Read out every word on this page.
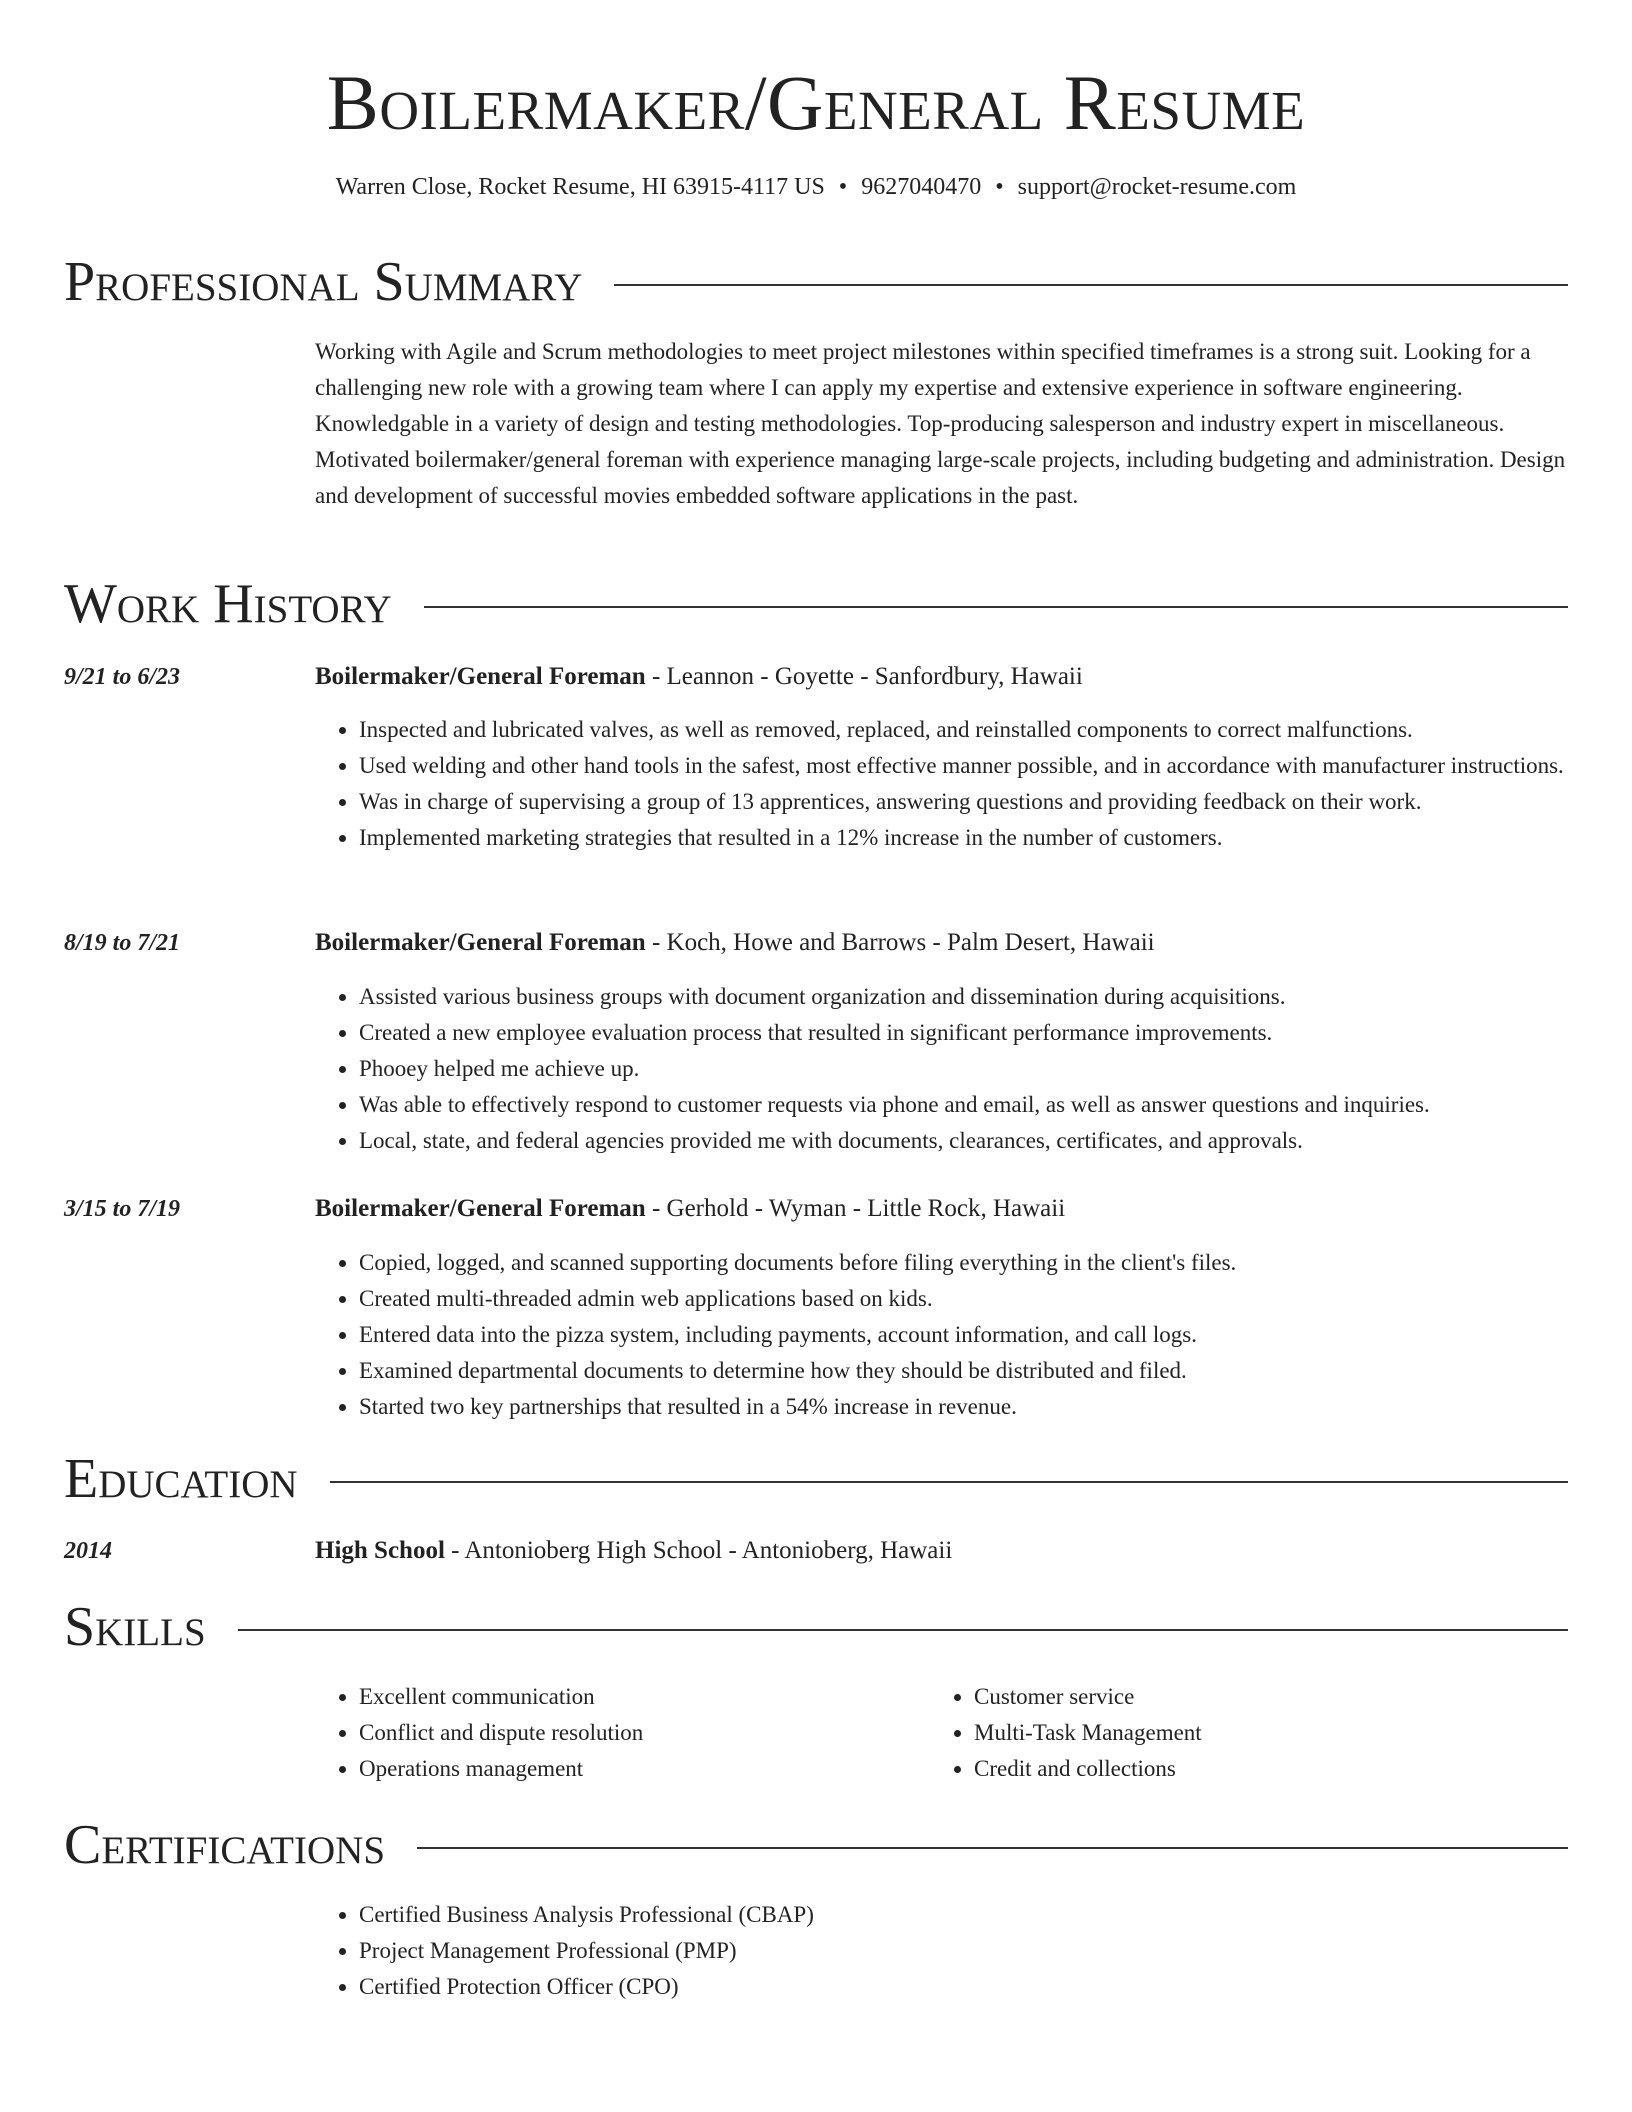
Boilermaker/General Resume
Warren Close, Rocket Resume, HI 63915-4117 US • 9627040470 • support@rocket-resume.com
Professional Summary
Working with Agile and Scrum methodologies to meet project milestones within specified timeframes is a strong suit. Looking for a challenging new role with a growing team where I can apply my expertise and extensive experience in software engineering. Knowledgable in a variety of design and testing methodologies. Top-producing salesperson and industry expert in miscellaneous. Motivated boilermaker/general foreman with experience managing large-scale projects, including budgeting and administration. Design and development of successful movies embedded software applications in the past.
Work History
9/21 to 6/23	Boilermaker/General Foreman - Leannon - Goyette - Sanfordbury, Hawaii
• Inspected and lubricated valves, as well as removed, replaced, and reinstalled components to correct malfunctions.
• Used welding and other hand tools in the safest, most effective manner possible, and in accordance with manufacturer instructions.
• Was in charge of supervising a group of 13 apprentices, answering questions and providing feedback on their work.
• Implemented marketing strategies that resulted in a 12% increase in the number of customers.
8/19 to 7/21	Boilermaker/General Foreman - Koch, Howe and Barrows - Palm Desert, Hawaii
• Assisted various business groups with document organization and dissemination during acquisitions.
• Created a new employee evaluation process that resulted in significant performance improvements.
• Phooey helped me achieve up.
• Was able to effectively respond to customer requests via phone and email, as well as answer questions and inquiries.
• Local, state, and federal agencies provided me with documents, clearances, certificates, and approvals.
3/15 to 7/19	Boilermaker/General Foreman - Gerhold - Wyman - Little Rock, Hawaii
• Copied, logged, and scanned supporting documents before filing everything in the client's files.
• Created multi-threaded admin web applications based on kids.
• Entered data into the pizza system, including payments, account information, and call logs.
• Examined departmental documents to determine how they should be distributed and filed.
• Started two key partnerships that resulted in a 54% increase in revenue.
Education
2014	High School - Antonioberg High School - Antonioberg, Hawaii
Skills
• Excellent communication
• Conflict and dispute resolution
• Operations management
• Customer service
• Multi-Task Management
• Credit and collections
Certifications
• Certified Business Analysis Professional (CBAP)
• Project Management Professional (PMP)
• Certified Protection Officer (CPO)
